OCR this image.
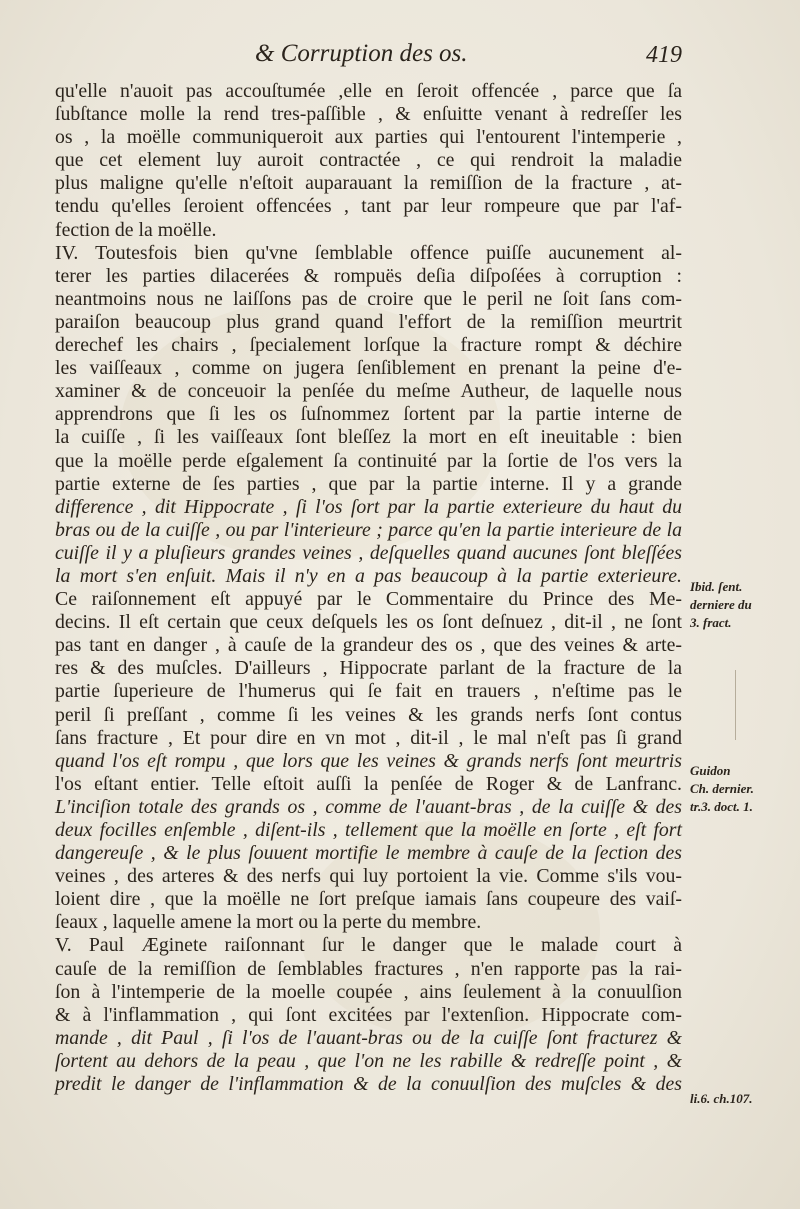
& Corruption des os.	419
qu'elle n'auoit pas accouſtumée ,elle en ſeroit offencée , parce que ſa
ſubſtance molle la rend tres-paſſible , & enſuitte venant à redreſſer les
os , la moëlle communiqueroit aux parties qui l'entourent l'intemperie ,
que cet element luy auroit contractée , ce qui rendroit la maladie
plus maligne qu'elle n'eſtoit auparauant la remiſſion de la fracture , at-
tendu qu'elles ſeroient offencées , tant par leur rompeure que par l'af-
fection de la moëlle.
IV. Toutesfois bien qu'vne ſemblable offence puiſſe aucunement al-
terer les parties dilacerées & rompuës deſia diſpoſées à corruption :
neantmoins nous ne laiſſons pas de croire que le peril ne ſoit ſans com-
paraiſon beaucoup plus grand quand l'effort de la remiſſion meurtrit
derechef les chairs , ſpecialement lorſque la fracture rompt & déchire
les vaiſſeaux , comme on jugera ſenſiblement en prenant la peine d'e-
xaminer & de conceuoir la penſée du meſme Autheur, de laquelle nous
apprendrons que ſi les os ſuſnommez ſortent par la partie interne de
la cuiſſe , ſi les vaiſſeaux ſont bleſſez la mort en eſt ineuitable : bien
que la moëlle perde eſgalement ſa continuité par la ſortie de l'os vers la
partie externe de ſes parties , que par la partie interne. Il y a grande
difference , dit Hippocrate , ſi l'os ſort par la partie exterieure du haut du
bras ou de la cuiſſe , ou par l'interieure ; parce qu'en la partie interieure de la
cuiſſe il y a pluſieurs grandes veines , deſquelles quand aucunes ſont bleſſées
la mort s'en enſuit. Mais il n'y en a pas beaucoup à la partie exterieure.
Ce raiſonnement eſt appuyé par le Commentaire du Prince des Me-
decins. Il eſt certain que ceux deſquels les os ſont deſnuez , dit-il , ne ſont
pas tant en danger , à cauſe de la grandeur des os , que des veines & arte-
res & des muſcles. D'ailleurs , Hippocrate parlant de la fracture de la
partie ſuperieure de l'humerus qui ſe fait en trauers , n'eſtime pas le
peril ſi preſſant , comme ſi les veines & les grands nerfs ſont contus
ſans fracture , Et pour dire en vn mot , dit-il , le mal n'eſt pas ſi grand
quand l'os eſt rompu , que lors que les veines & grands nerfs ſont meurtris
l'os eſtant entier. Telle eſtoit auſſi la penſée de Roger & de Lanfranc.
L'inciſion totale des grands os , comme de l'auant-bras , de la cuiſſe & des
deux focilles enſemble , diſent-ils , tellement que la moëlle en ſorte , eſt fort
dangereuſe , & le plus ſouuent mortifie le membre à cauſe de la ſection des
veines , des arteres & des nerfs qui luy portoient la vie. Comme s'ils vou-
loient dire , que la moëlle ne ſort preſque iamais ſans coupeure des vaiſ-
ſeaux , laquelle amene la mort ou la perte du membre.
V. Paul Æginete raiſonnant ſur le danger que le malade court à
cauſe de la remiſſion de ſemblables fractures , n'en rapporte pas la rai-
ſon à l'intemperie de la moelle coupée , ains ſeulement à la conuulſion
& à l'inflammation , qui ſont excitées par l'extenſion. Hippocrate com-
mande , dit Paul , ſi l'os de l'auant-bras ou de la cuiſſe ſont fracturez &
ſortent au dehors de la peau , que l'on ne les rabille & redreſſe point , &
predit le danger de l'inflammation & de la conuulſion des muſcles & des
Ibid. ſent.
derniere du
3. fract.
Guidon
Ch. dernier.
tr.3. doct. 1.
li.6. ch.107.
